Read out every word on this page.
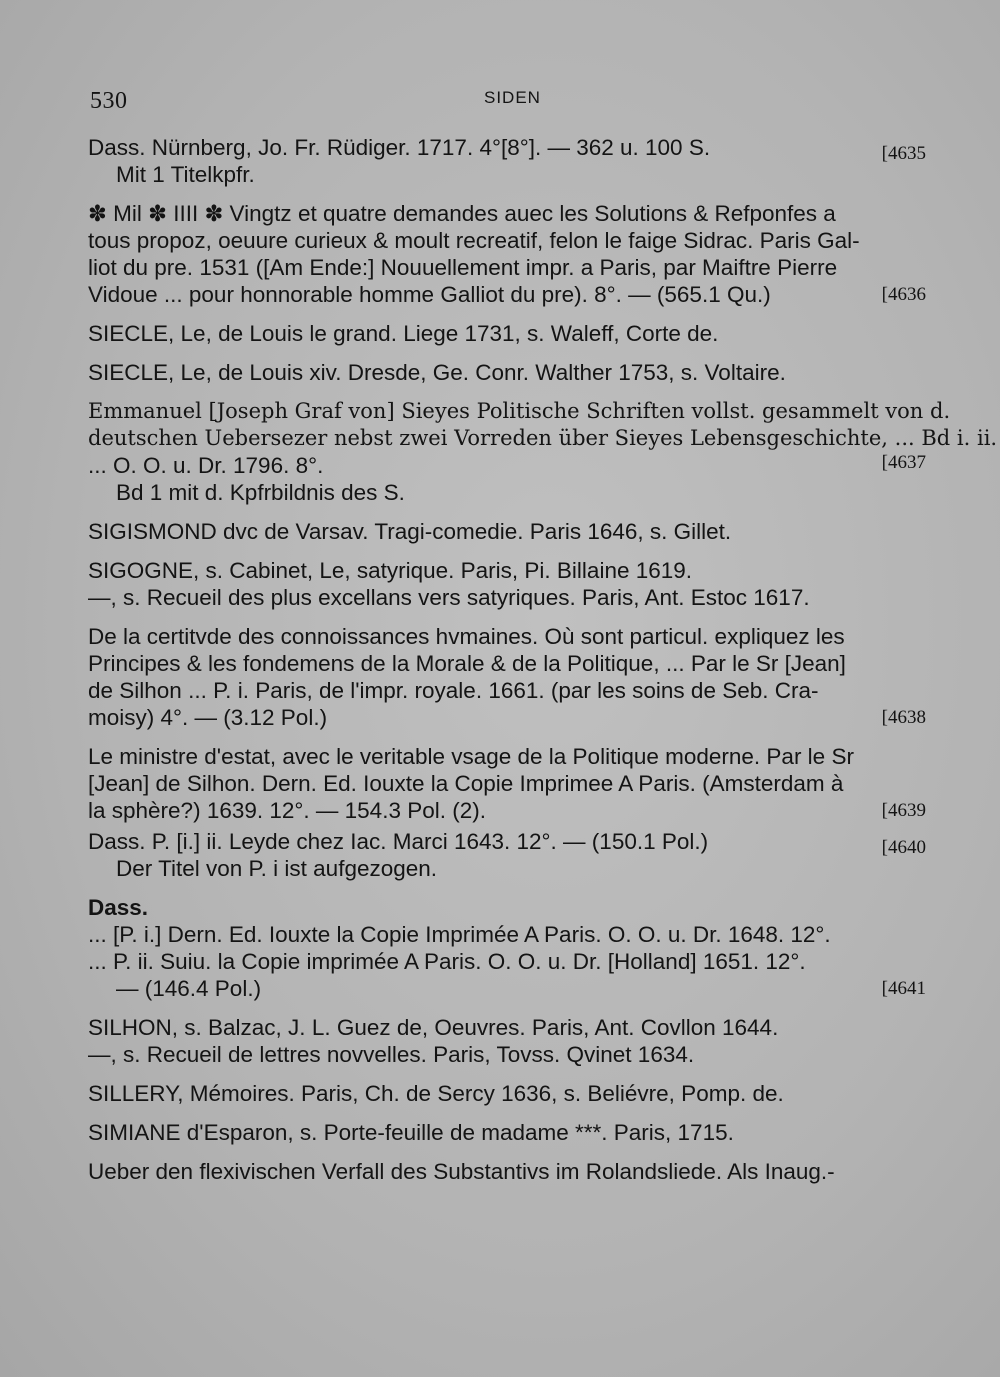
530	SIDEN
Dass. Nürnberg, Jo. Fr. Rüdiger. 1717. 4°[8°]. — 362 u. 100 S.
Mit 1 Titelkpfr.
[4635
✽ Mil ✽ IIII ✽ Vingtz et quatre demandes auec les Solutions & Refponfes a
tous propoz, oeuure curieux & moult recreatif, felon le faige Sidrac. Paris Gal-
liot du pre. 1531 ([Am Ende:] Nouuellement impr. a Paris, par Maiftre Pierre
Vidoue ... pour honnorable homme Galliot du pre). 8°. — (565.1 Qu.)	[4636
SIECLE, Le, de Louis le grand. Liege 1731, s. Waleff, Corte de.
SIECLE, Le, de Louis xiv. Dresde, Ge. Conr. Walther 1753, s. Voltaire.
Emmanuel [Joseph Graf von] Sieyes Politische Schriften vollst. gesammelt von d.
deutschen Uebersezer nebst zwei Vorreden über Sieyes Lebensgeschichte, ... Bd i. ii.
... O. O. u. Dr. 1796. 8°.
Bd 1 mit d. Kpfrbildnis des S.
[4637
SIGISMOND dvc de Varsav. Tragi-comedie. Paris 1646, s. Gillet.
SIGOGNE, s. Cabinet, Le, satyrique. Paris, Pi. Billaine 1619.
—, s. Recueil des plus excellans vers satyriques. Paris, Ant. Estoc 1617.
De la certitvde des connoissances hvmaines. Où sont particul. expliquez les
Principes & les fondemens de la Morale & de la Politique, ... Par le Sr [Jean]
de Silhon ... P. i. Paris, de l'impr. royale. 1661. (par les soins de Seb. Cra-
moisy) 4°. — (3.12 Pol.)	[4638
Le ministre d'estat, avec le veritable vsage de la Politique moderne. Par le Sr
[Jean] de Silhon. Dern. Ed. Iouxte la Copie Imprimee A Paris. (Amsterdam à
la sphère?) 1639. 12°. — 154.3 Pol. (2).	[4639
Dass. P. [i.] ii. Leyde chez Iac. Marci 1643. 12°. — (150.1 Pol.)
Der Titel von P. i ist aufgezogen.
[4640
Dass.
... [P. i.] Dern. Ed. Iouxte la Copie Imprimée A Paris. O. O. u. Dr. 1648. 12°.
... P. ii. Suiu. la Copie imprimée A Paris. O. O. u. Dr. [Holland] 1651. 12°.
— (146.4 Pol.)	[4641
SILHON, s. Balzac, J. L. Guez de, Oeuvres. Paris, Ant. Covllon 1644.
—, s. Recueil de lettres novvelles. Paris, Tovss. Qvinet 1634.
SILLERY, Mémoires. Paris, Ch. de Sercy 1636, s. Beliévre, Pomp. de.
SIMIANE d'Esparon, s. Porte-feuille de madame ***. Paris, 1715.
Ueber den flexivischen Verfall des Substantivs im Rolandsliede. Als Inaug.-
